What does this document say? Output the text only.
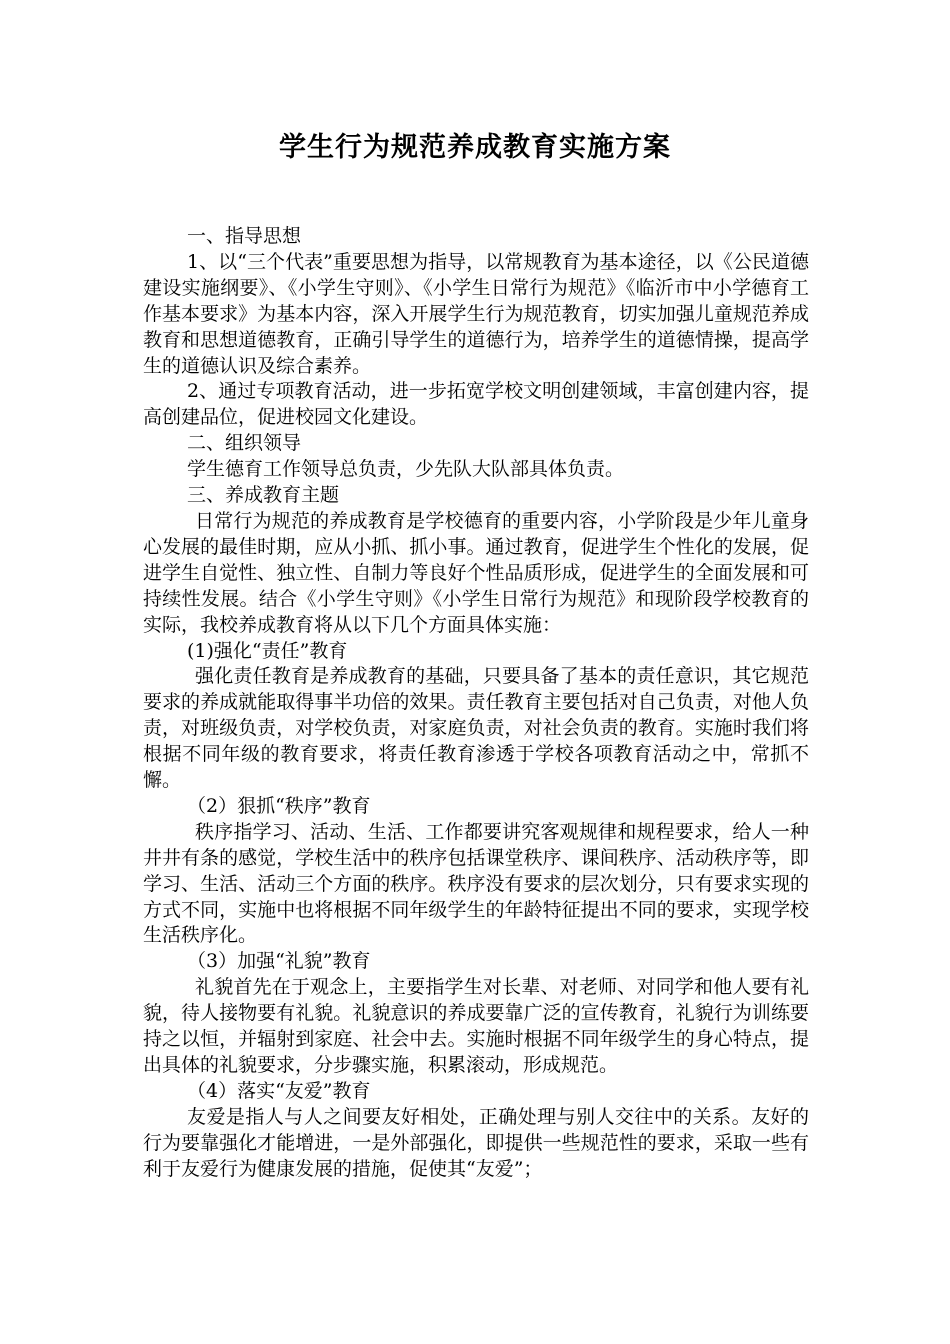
学生行为规范养成教育实施方案

一、指导思想

1、以“三个代表”重要思想为指导，以常规教育为基本途径，以《公民道德建设实施纲要》、《小学生守则》、《小学生日常行为规范》《临沂市中小学德育工作基本要求》为基本内容，深入开展学生行为规范教育，切实加强儿童规范养成教育和思想道德教育，正确引导学生的道德行为，培养学生的道德情操，提高学生的道德认识及综合素养。

2、通过专项教育活动，进一步拓宽学校文明创建领域，丰富创建内容，提高创建品位，促进校园文化建设。

二、组织领导

学生德育工作领导总负责，少先队大队部具体负责。

三、养成教育主题

日常行为规范的养成教育是学校德育的重要内容，小学阶段是少年儿童身心发展的最佳时期，应从小抓、抓小事。通过教育，促进学生个性化的发展，促进学生自觉性、独立性、自制力等良好个性品质形成，促进学生的全面发展和可持续性发展。结合《小学生守则》《小学生日常行为规范》和现阶段学校教育的实际，我校养成教育将从以下几个方面具体实施：

(1)强化“责任”教育

强化责任教育是养成教育的基础，只要具备了基本的责任意识，其它规范要求的养成就能取得事半功倍的效果。责任教育主要包括对自己负责，对他人负责，对班级负责，对学校负责，对家庭负责，对社会负责的教育。实施时我们将根据不同年级的教育要求，将责任教育渗透于学校各项教育活动之中，常抓不懈。

（2）狠抓“秩序”教育

秩序指学习、活动、生活、工作都要讲究客观规律和规程要求，给人一种井井有条的感觉，学校生活中的秩序包括课堂秩序、课间秩序、活动秩序等，即学习、生活、活动三个方面的秩序。秩序没有要求的层次划分，只有要求实现的方式不同，实施中也将根据不同年级学生的年龄特征提出不同的要求，实现学校生活秩序化。

（3）加强“礼貌”教育

礼貌首先在于观念上，主要指学生对长辈、对老师、对同学和他人要有礼貌，待人接物要有礼貌。礼貌意识的养成要靠广泛的宣传教育，礼貌行为训练要持之以恒，并辐射到家庭、社会中去。实施时根据不同年级学生的身心特点，提出具体的礼貌要求，分步骤实施，积累滚动，形成规范。

（4）落实“友爱”教育

友爱是指人与人之间要友好相处，正确处理与别人交往中的关系。友好的行为要靠强化才能增进，一是外部强化，即提供一些规范性的要求，采取一些有利于友爱行为健康发展的措施，促使其“友爱”；
